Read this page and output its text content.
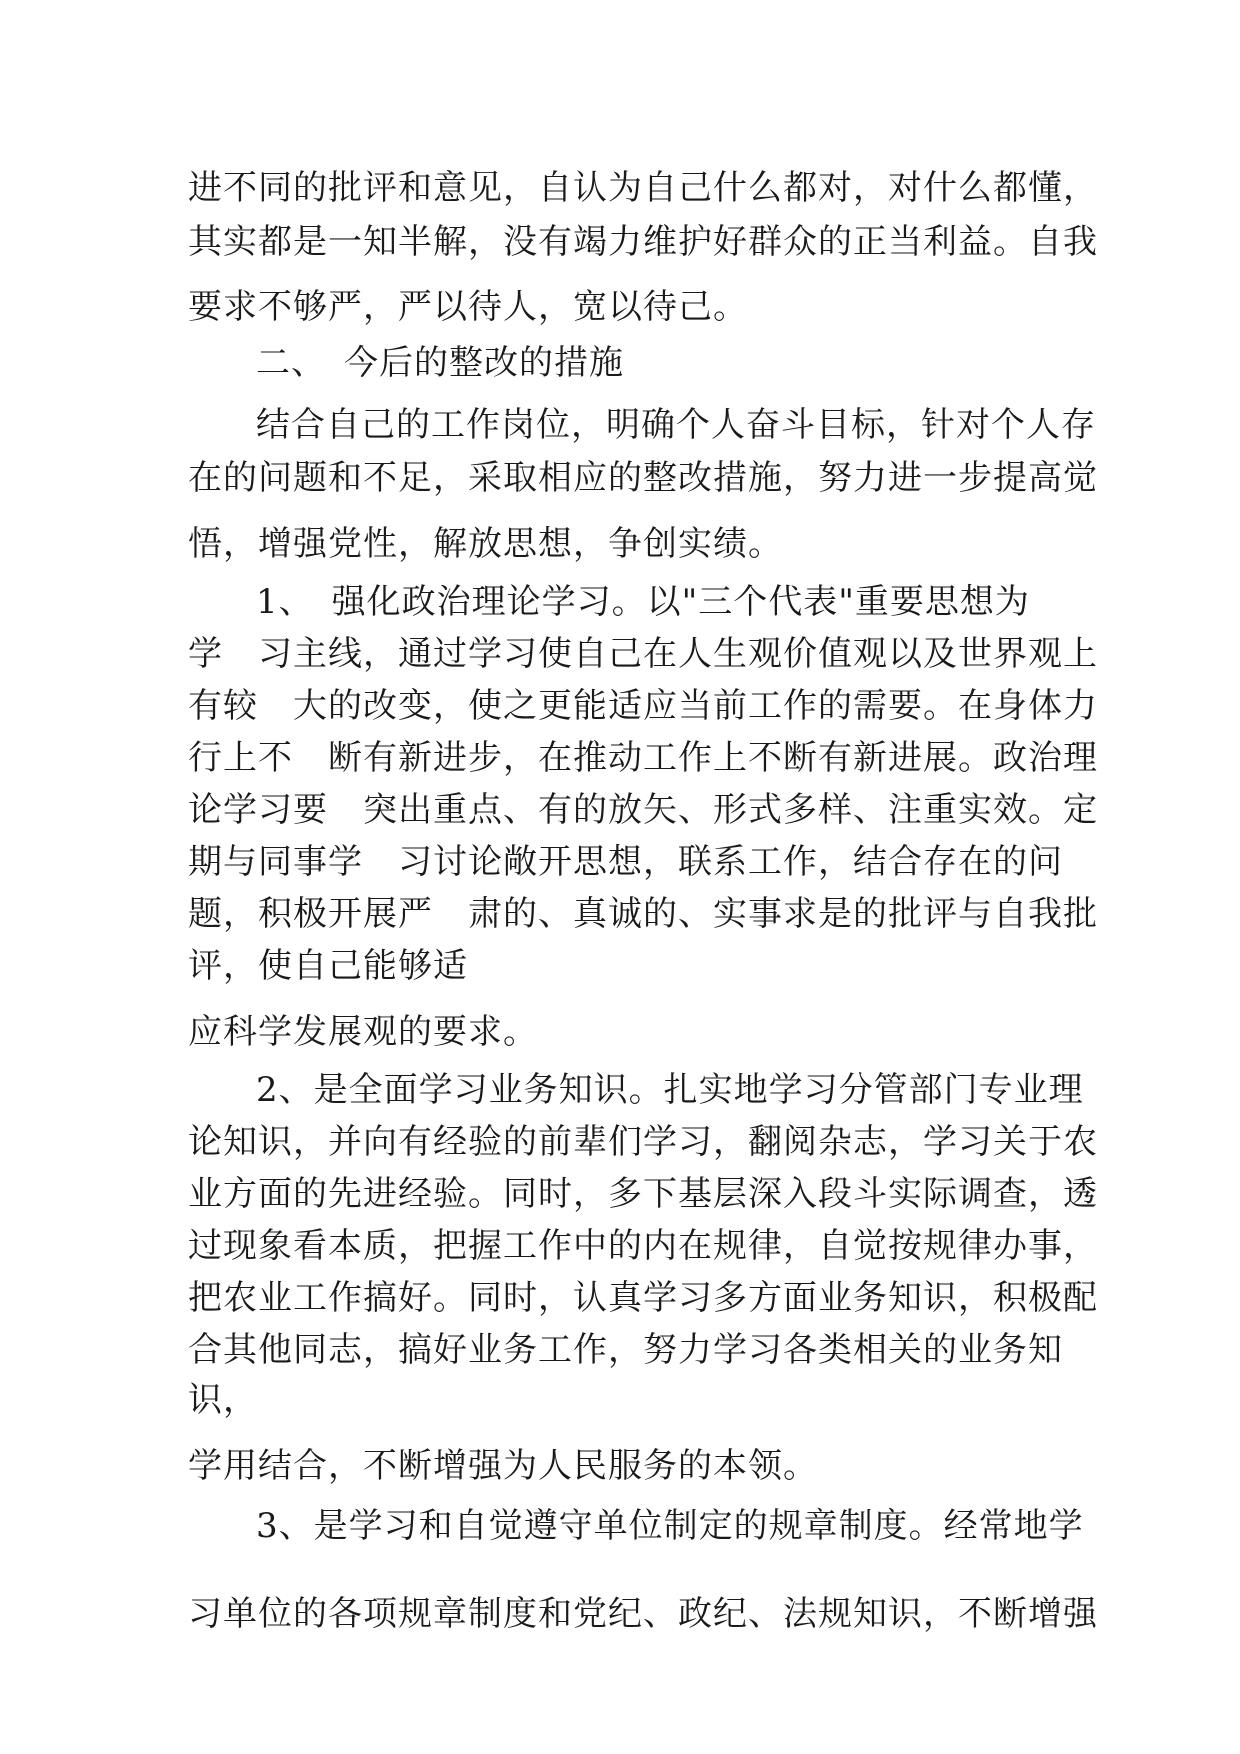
进不同的批评和意见，自认为自己什么都对，对什么都懂，
其实都是一知半解，没有竭力维护好群众的正当利益。自我
要求不够严，严以待人，宽以待己。
二、　今后的整改的措施
结合自己的工作岗位，明确个人奋斗目标，针对个人存
在的问题和不足，采取相应的整改措施，努力进一步提高觉
悟，增强党性，解放思想，争创实绩。
1、　强化政治理论学习。以"三个代表"重要思想为
学　习主线，通过学习使自己在人生观价值观以及世界观上
有较　大的改变，使之更能适应当前工作的需要。在身体力
行上不　断有新进步，在推动工作上不断有新进展。政治理
论学习要　突出重点、有的放矢、形式多样、注重实效。定
期与同事学　习讨论敞开思想，联系工作，结合存在的问
题，积极开展严　肃的、真诚的、实事求是的批评与自我批
评，使自己能够适
应科学发展观的要求。
2、是全面学习业务知识。扎实地学习分管部门专业理
论知识，并向有经验的前辈们学习，翻阅杂志，学习关于农
业方面的先进经验。同时，多下基层深入段斗实际调查，透
过现象看本质，把握工作中的内在规律，自觉按规律办事，
把农业工作搞好。同时，认真学习多方面业务知识，积极配
合其他同志，搞好业务工作，努力学习各类相关的业务知
识，
学用结合，不断增强为人民服务的本领。
3、是学习和自觉遵守单位制定的规章制度。经常地学
习单位的各项规章制度和党纪、政纪、法规知识，不断增强
